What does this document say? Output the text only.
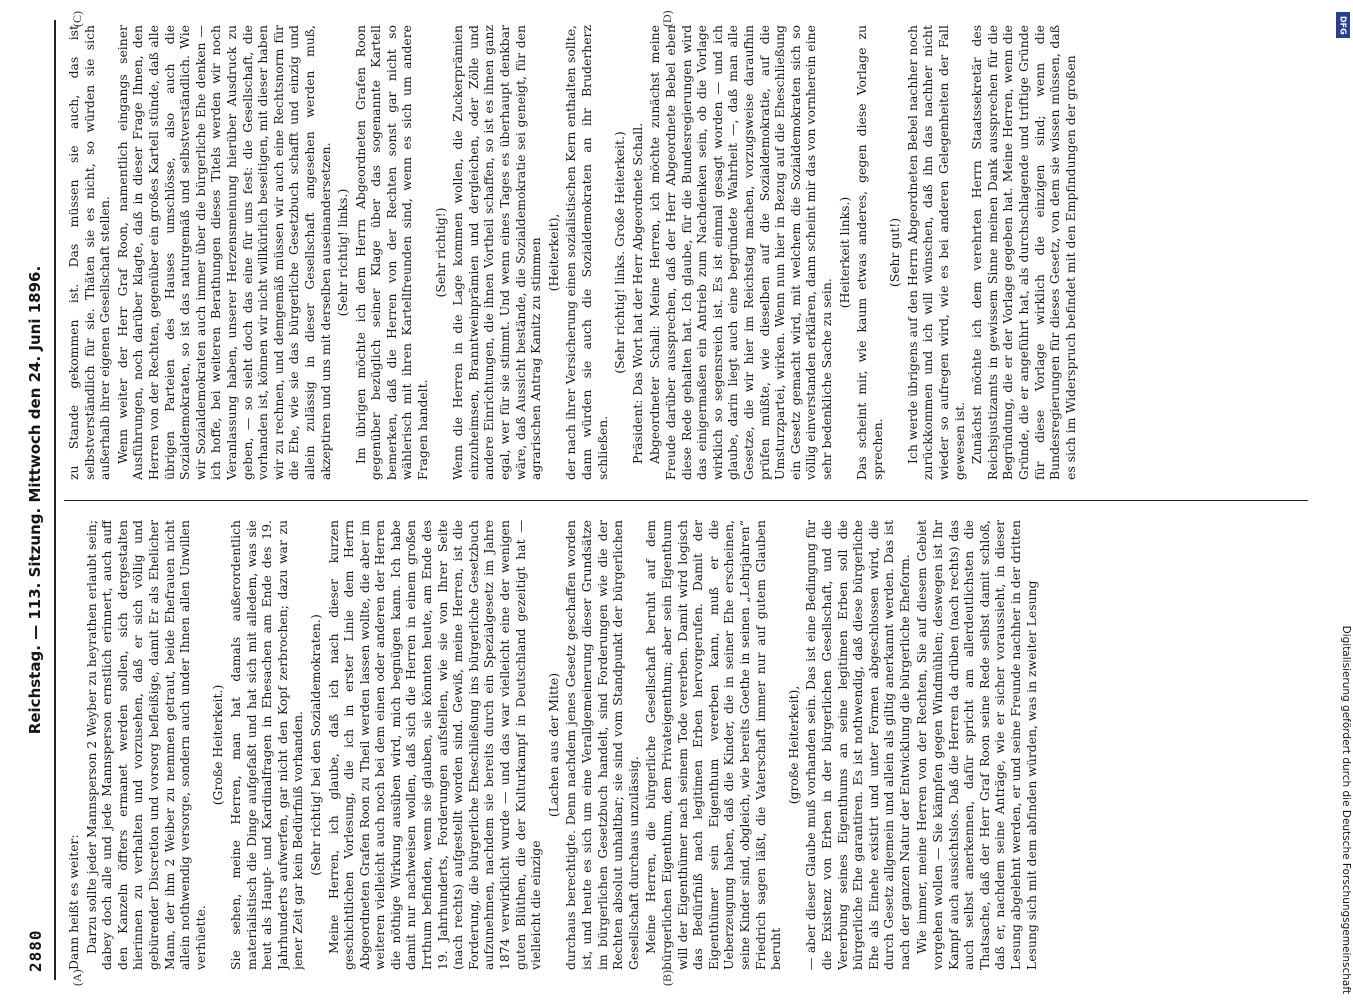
2880
Reichstag. — 113. Sitzung. Mittwoch den 24. Juni 1896.
(A)	(B)
(C)	(D)

Dann heißt es weiter: Darzu sollte jeder Mannsperson 2 Weyber zu heyrathen erlaubt sein; dabey doch alle und jede Mannsperson ernstlich erinnert, auch auff den Kanzeln öffters ermanet werden sollen, sich dergestalten hierinnen zu verhalten und vorzusehen, daß er sich völlig und gebürender Discretion und vorsorg befleißige, damit Er als Ehelicher Mann, der ihm 2 Weiber zu nemmen getraut, beide Ehefrauen nicht allein nothwendig versorge, sondern auch under Ihnen allen Unwillen verhüette.

(Große Heiterkeit.) Sie sehen, meine Herren, man hat damals außerordentlich materialistisch die Dinge aufgefaßt und hat sich mit alledem, was sie heut als Haupt- und Kardinalfragen in Ehesachen am Ende des 19. Jahrhunderts aufwerfen, gar nicht den Kopf zerbrochen; dazu war zu jener Zeit gar kein Bedürfniß vorhanden. (Sehr richtig! bei den Sozialdemokraten.) Meine Herren, ich glaube, daß ich nach dieser kurzen geschichtlichen Vorlesung, die ich in erster Linie dem Herrn Abgeordneten Grafen Roon zu Theil werden lassen wollte, die aber im weiteren vielleicht auch noch bei dem einen oder anderen der Herren die nöthige Wirkung ausüben wird, mich begnügen kann. Ich habe damit nur nachweisen wollen, daß sich die Herren in einem großen Irrthum befinden, wenn sie glauben, sie könnten heute, am Ende des 19. Jahrhunderts, Forderungen aufstellen, wie sie von Ihrer Seite (nach rechts) aufgestellt worden sind. Gewiß, meine Herren, ist die Forderung, die bürgerliche Eheschließung ins bürgerliche Gesetzbuch aufzunehmen, nachdem sie bereits durch ein Spezialgesetz im Jahre 1874 verwirklicht wurde — und das war vielleicht eine der wenigen guten Blüthen, die der Kulturkampf in Deutschland gezeitigt hat — vielleicht die einzige

(Lachen aus der Mitte) durchaus berechtigte. Denn nachdem jenes Gesetz geschaffen worden ist, und heute es sich um eine Verallgemeinerung dieser Grundsätze im bürgerlichen Gesetzbuch handelt, sind Forderungen wie die der Rechten absolut unhaltbar; sie sind vom Standpunkt der bürgerlichen Gesellschaft durchaus unzulässig. Meine Herren, die bürgerliche Gesellschaft beruht auf dem bürgerlichen Eigenthum, dem Privateigenthum; aber sein Eigenthum will der Eigenthümer nach seinem Tode vererben. Damit wird logisch das Bedürfniß nach legitimen Erben hervorgerufen. Damit der Eigenthümer sein Eigenthum vererben kann, muß er die Ueberzeugung haben, daß die Kinder, die in seiner Ehe erscheinen, seine Kinder sind, obgleich, wie bereits Goethe in seinen „Lehrjahren“ Friedrich sagen läßt, die Vaterschaft immer nur auf gutem Glauben beruht

(große Heiterkeit), — aber dieser Glaube muß vorhanden sein. Das ist eine Bedingung für die Existenz von Erben in der bürgerlichen Gesellschaft, und die Vererbung seines Eigenthums an seine legitimen Erben soll die bürgerliche Ehe garantiren. Es ist nothwendig, daß diese bürgerliche Ehe als Einehe existirt und unter Formen abgeschlossen wird, die durch Gesetz allgemein und allein als giltig anerkannt werden. Das ist nach der ganzen Natur der Entwicklung die bürgerliche Eheform. Wie immer, meine Herren von der Rechten, Sie auf diesem Gebiet vorgehen wollen — Sie kämpfen gegen Windmühlen; deswegen ist Ihr Kampf auch aussichtslos. Daß die Herren da drüben (nach rechts) das auch selbst anerkennen, dafür spricht am allerdeutlichsten die Thatsache, daß der Herr Graf Roon seine Rede selbst damit schloß, daß er, nachdem seine Anträge, wie er sicher voraussieht, in dieser Lesung abgelehnt werden, er und seine Freunde nachher in der dritten Lesung sich mit dem abfinden würden, was in zweiter Lesung

zu Stande gekommen ist. Das müssen sie auch, das ist selbstverständlich für sie. Thäten sie es nicht, so würden sie sich außerhalb ihrer eigenen Gesellschaft stellen. Wenn weiter der Herr Graf Roon, namentlich eingangs seiner Ausführungen, noch darüber klagte, daß in dieser Frage Ihnen, den Herren von der Rechten, gegenüber ein großes Kartell stünde, daß alle übrigen Parteien des Hauses umschlösse, also auch die Sozialdemokraten, so ist das naturgemäß und selbstverständlich. Wie wir Sozialdemokraten auch immer über die bürgerliche Ehe denken — ich hoffe, bei weiteren Berathungen dieses Titels werden wir noch Veranlassung haben, unserer Herzensmeinung hierüber Ausdruck zu geben, — so sieht doch das eine für uns fest: die Gesellschaft, die vorhanden ist, können wir nicht willkürlich beseitigen, mit dieser haben wir zu rechnen, und demgemäß müssen wir auch eine Rechtsnorm für die Ehe, wie sie das bürgerliche Gesetzbuch schafft und einzig und allein zulässig in dieser Gesellschaft angesehen werden muß, akzeptiren und uns mit derselben auseinandersetzen. (Sehr richtig! links.) Im übrigen möchte ich dem Herrn Abgeordneten Grafen Roon gegenüber bezüglich seiner Klage über das sogenannte Kartell bemerken, daß die Herren von der Rechten sonst gar nicht so wählerisch mit ihren Kartellfreunden sind, wenn es sich um andere Fragen handelt.

(Sehr richtig!) Wenn die Herren in die Lage kommen wollen, die Zuckerprämien einzuheimsen, Branntweinprämien und dergleichen, oder Zölle und andere Einrichtungen, die ihnen Vortheil schaffen, so ist es ihnen ganz egal, wer für sie stimmt. Und wenn eines Tages es überhaupt denkbar wäre, daß Aussicht bestände, die Sozialdemokratie sei geneigt, für den agrarischen Antrag Kanitz zu stimmen (Heiterkeit), der nach ihrer Versicherung einen sozialistischen Kern enthalten sollte, dann würden sie auch die Sozialdemokraten an ihr Bruderherz schließen.

(Sehr richtig! links. Große Heiterkeit.) Präsident: Das Wort hat der Herr Abgeordnete Schall. Abgeordneter Schall: Meine Herren, ich möchte zunächst meine Freude darüber aussprechen, daß der Herr Abgeordnete Bebel eben diese Rede gehalten hat. Ich glaube, für die Bundesregierungen wird das einigermaßen ein Antrieb zum Nachdenken sein, ob die Vorlage wirklich so segensreich ist. Es ist einmal gesagt worden — und ich glaube, darin liegt auch eine begründete Wahrheit —, daß man alle Gesetze, die wir hier im Reichstag machen, vorzugsweise daraufhin prüfen müßte, wie dieselben auf die Sozialdemokratie, auf die Umsturzpartei, wirken. Wenn nun hier in Bezug auf die Eheschließung ein Gesetz gemacht wird, mit welchem die Sozialdemokraten sich so völlig einverstanden erklären, dann scheint mir das von vornherein eine sehr bedenkliche Sache zu sein.

(Heiterkeit links.) Das scheint mir, wie kaum etwas anderes, gegen diese Vorlage zu sprechen.

(Sehr gut!) Ich werde übrigens auf den Herrn Abgeordneten Bebel nachher noch zurückkommen und ich will wünschen, daß ihn das nachher nicht wieder so aufregen wird, wie es bei anderen Gelegenheiten der Fall gewesen ist. Zunächst möchte ich dem verehrten Herrn Staatssekretär des Reichsjustizamts in gewissem Sinne meinen Dank aussprechen für die Begründung, die er der Vorlage gegeben hat. Meine Herren, wenn die Gründe, die er angeführt hat, als durchschlagende und triftige Gründe für diese Vorlage wirklich die einzigen sind; wenn die Bundesregierungen für dieses Gesetz, von dem sie wissen müssen, daß es sich im Widerspruch befindet mit den Empfindungen der großen

DFG
Digitalisierung gefördert durch die Deutsche Forschungsgemeinschaft
